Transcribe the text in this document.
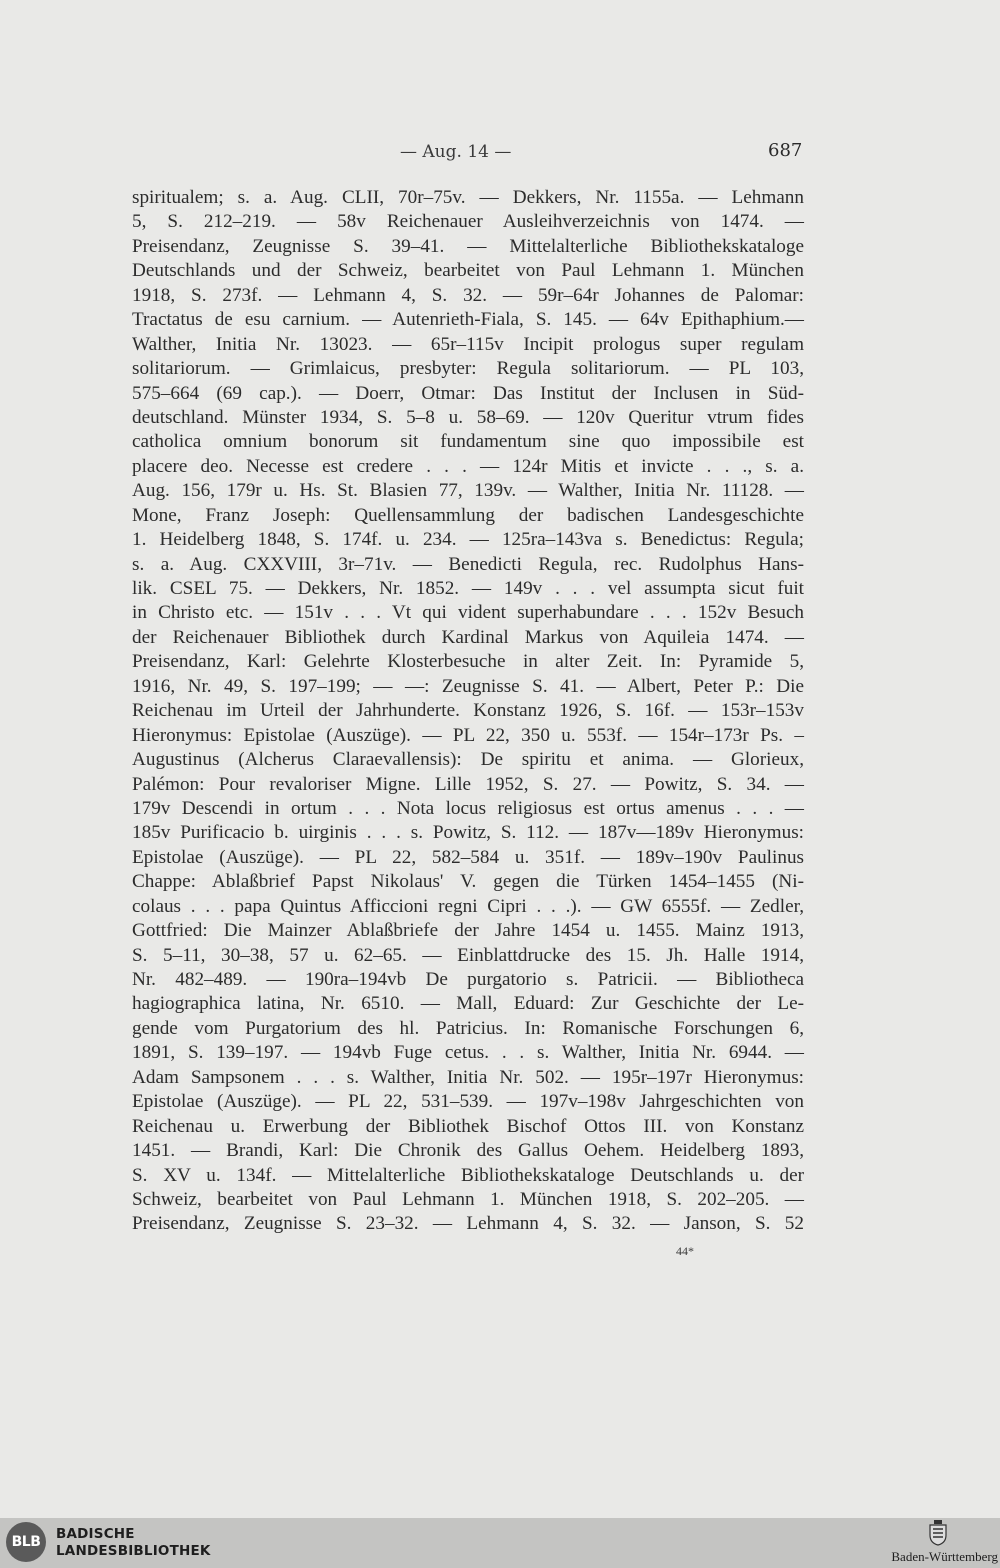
— Aug. 14 —	687
spiritualem; s. a. Aug. CLII, 70r–75v. — Dekkers, Nr. 1155a. — Lehmann
5, S. 212–219. — 58v Reichenauer Ausleihverzeichnis von 1474. —
Preisendanz, Zeugnisse S. 39–41. — Mittelalterliche Bibliothekskataloge
Deutschlands und der Schweiz, bearbeitet von Paul Lehmann 1. München
1918, S. 273f. — Lehmann 4, S. 32. — 59r–64r Johannes de Palomar:
Tractatus de esu carnium. — Autenrieth-Fiala, S. 145. — 64v Epithaphium.—
Walther, Initia Nr. 13023. — 65r–115v Incipit prologus super regulam
solitariorum. — Grimlaicus, presbyter: Regula solitariorum. — PL 103,
575–664 (69 cap.). — Doerr, Otmar: Das Institut der Inclusen in Süd-
deutschland. Münster 1934, S. 5–8 u. 58–69. — 120v Queritur vtrum fides
catholica omnium bonorum sit fundamentum sine quo impossibile est
placere deo. Necesse est credere . . . — 124r Mitis et invicte . . ., s. a.
Aug. 156, 179r u. Hs. St. Blasien 77, 139v. — Walther, Initia Nr. 11128. —
Mone, Franz Joseph: Quellensammlung der badischen Landesgeschichte
1. Heidelberg 1848, S. 174f. u. 234. — 125ra–143va s. Benedictus: Regula;
s. a. Aug. CXXVIII, 3r–71v. — Benedicti Regula, rec. Rudolphus Hans-
lik. CSEL 75. — Dekkers, Nr. 1852. — 149v . . . vel assumpta sicut fuit
in Christo etc. — 151v . . . Vt qui vident superhabundare . . . 152v Besuch
der Reichenauer Bibliothek durch Kardinal Markus von Aquileia 1474. —
Preisendanz, Karl: Gelehrte Klosterbesuche in alter Zeit. In: Pyramide 5,
1916, Nr. 49, S. 197–199; — —: Zeugnisse S. 41. — Albert, Peter P.: Die
Reichenau im Urteil der Jahrhunderte. Konstanz 1926, S. 16f. — 153r–153v
Hieronymus: Epistolae (Auszüge). — PL 22, 350 u. 553f. — 154r–173r Ps. –
Augustinus (Alcherus Claraevallensis): De spiritu et anima. — Glorieux,
Palémon: Pour revaloriser Migne. Lille 1952, S. 27. — Powitz, S. 34. —
179v Descendi in ortum . . . Nota locus religiosus est ortus amenus . . . —
185v Purificacio b. uirginis . . . s. Powitz, S. 112. — 187v—189v Hieronymus:
Epistolae (Auszüge). — PL 22, 582–584 u. 351f. — 189v–190v Paulinus
Chappe: Ablaßbrief Papst Nikolaus' V. gegen die Türken 1454–1455 (Ni-
colaus . . . papa Quintus Afficcioni regni Cipri . . .). — GW 6555f. — Zedler,
Gottfried: Die Mainzer Ablaßbriefe der Jahre 1454 u. 1455. Mainz 1913,
S. 5–11, 30–38, 57 u. 62–65. — Einblattdrucke des 15. Jh. Halle 1914,
Nr. 482–489. — 190ra–194vb De purgatorio s. Patricii. — Bibliotheca
hagiographica latina, Nr. 6510. — Mall, Eduard: Zur Geschichte der Le-
gende vom Purgatorium des hl. Patricius. In: Romanische Forschungen 6,
1891, S. 139–197. — 194vb Fuge cetus. . . s. Walther, Initia Nr. 6944. —
Adam Sampsonem . . . s. Walther, Initia Nr. 502. — 195r–197r Hieronymus:
Epistolae (Auszüge). — PL 22, 531–539. — 197v–198v Jahrgeschichten von
Reichenau u. Erwerbung der Bibliothek Bischof Ottos III. von Konstanz
1451. — Brandi, Karl: Die Chronik des Gallus Oehem. Heidelberg 1893,
S. XV u. 134f. — Mittelalterliche Bibliothekskataloge Deutschlands u. der
Schweiz, bearbeitet von Paul Lehmann 1. München 1918, S. 202–205. —
Preisendanz, Zeugnisse S. 23–32. — Lehmann 4, S. 32. — Janson, S. 52
44*
BLB	BADISCHE
LANDESBIBLIOTHEK	Baden-Württemberg
